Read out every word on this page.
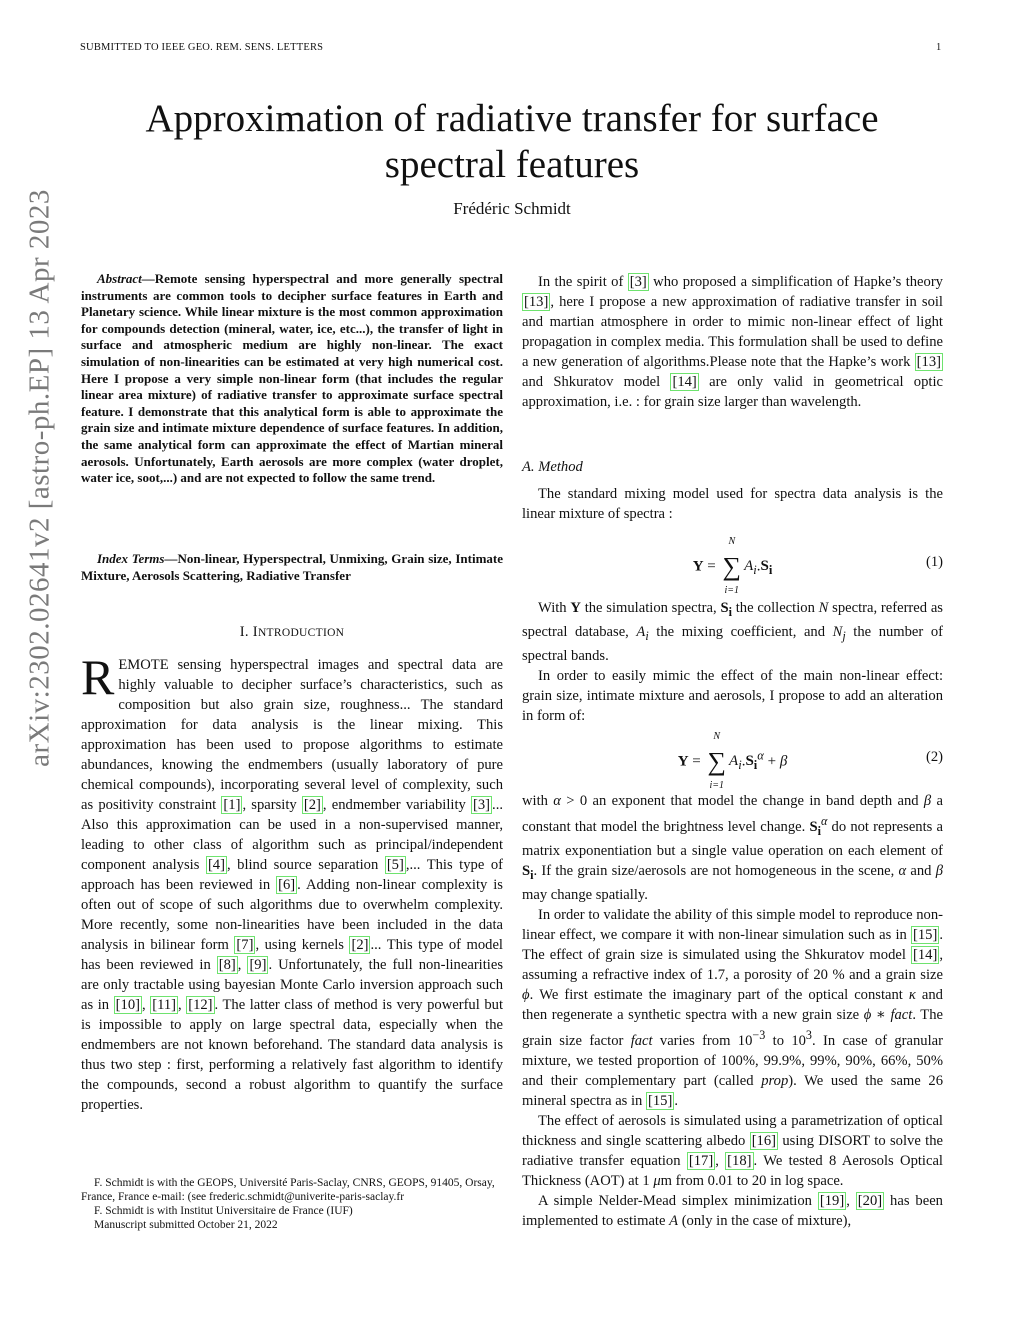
SUBMITTED TO IEEE GEO. REM. SENS. LETTERS	1
Approximation of radiative transfer for surface spectral features
Frédéric Schmidt
arXiv:2302.02641v2 [astro-ph.EP] 13 Apr 2023	Abstract—Remote sensing hyperspectral and more generally spectral instruments are common tools to decipher surface features in Earth and Planetary science. While linear mixture is the most common approximation for compounds detection (mineral, water, ice, etc...), the transfer of light in surface and atmospheric medium are highly non-linear. The exact simulation of non-linearities can be estimated at very high numerical cost. Here I propose a very simple non-linear form (that includes the regular linear area mixture) of radiative transfer to approximate surface spectral feature. I demonstrate that this analytical form is able to approximate the grain size and intimate mixture dependence of surface features. In addition, the same analytical form can approximate the effect of Martian mineral aerosols. Unfortunately, Earth aerosols are more complex (water droplet, water ice, soot,...) and are not expected to follow the same trend.

Index Terms—Non-linear, Hyperspectral, Unmixing, Grain size, Intimate Mixture, Aerosols Scattering, Radiative Transfer

I. INTRODUCTION

REMOTE sensing hyperspectral images and spectral data are highly valuable to decipher surface’s characteristics, such as composition but also grain size, roughness... The standard approximation for data analysis is the linear mixing. This approximation has been used to propose algorithms to estimate abundances, knowing the endmembers (usually laboratory of pure chemical compounds), incorporating several level of complexity, such as positivity constraint [1] , sparsity [2] , endmember variability [3] ... Also this approximation can be used in a non-supervised manner, leading to other class of algorithm such as principal/independent component analysis [4] , blind source separation [5] ,... This type of approach has been reviewed in [6] . Adding non-linear complexity is often out of scope of such algorithms due to overwhelm complexity. More recently, some non-linearities have been included in the data analysis in bilinear form [7] , using kernels [2] ... This type of model has been reviewed in [8] , [9] . Unfortunately, the full non-linearities are only tractable using bayesian Monte Carlo inversion approach such as in [10] , [11] , [12] . The latter class of method is very powerful but is impossible to apply on large spectral data, especially when the endmembers are not known beforehand. The standard data analysis is thus two step : first, performing a relatively fast algorithm to identify the compounds, second a robust algorithm to quantify the surface properties.

F. Schmidt is with the GEOPS, Université Paris-Saclay, CNRS, GEOPS, 91405, Orsay, France, France e-mail: (see frederic.schmidt@univerite-paris-saclay.fr

F. Schmidt is with Institut Universitaire de France (IUF)

Manuscript submitted October 21, 2022

In the spirit of [3] who proposed a simplification of Hapke’s theory [13] , here I propose a new approximation of radiative transfer in soil and martian atmosphere in order to mimic non-linear effect of light propagation in complex media. This formulation shall be used to define a new generation of algorithms.Please note that the Hapke’s work [13] and Shkuratov model [14] are only valid in geometrical optic approximation, i.e. : for grain size larger than wavelength.

A. Method

The standard mixing model used for spectra data analysis is the linear mixture of spectra :

Y = ∑
N
i=1
$A_i.S_i$
(1)

With Y the simulation spectra, $S_i$ the collection N spectra, referred as spectral database, $A_i$ the mixing coefficient, and $N_j$ the number of spectral bands.

In order to easily mimic the effect of the main non-linear effect: grain size, intimate mixture and aerosols, I propose to add an alteration in form of:

Y = ∑
N
i=1
$A_i.S_i^\alpha + \beta$	(2)

with α > 0 an exponent that model the change in band depth and β a constant that model the brightness level change. $S_i^\alpha$ do not represents a matrix exponentiation but a single value operation on each element of $S_i$. If the grain size/aerosols are not homogeneous in the scene, α and β may change spatially.

In order to validate the ability of this simple model to reproduce non-linear effect, we compare it with non-linear simulation such as in [15] . The effect of grain size is simulated using the Shkuratov model [14] , assuming a refractive index of 1.7, a porosity of 20 % and a grain size ϕ. We first estimate the imaginary part of the optical constant κ and then regenerate a synthetic spectra with a new grain size ϕ ∗ fact. The grain size factor fact varies from $10^{-3}$ to $10^3$. In case of granular mixture, we tested proportion of 100%, 99.9%, 99%, 90%, 66%, 50% and their complementary part (called prop). We used the same 26 mineral spectra as in [15] .

The effect of aerosols is simulated using a parametrization of optical thickness and single scattering albedo [16] using DISORT to solve the radiative transfer equation [17] , [18] . We tested 8 Aerosols Optical Thickness (AOT) at 1 μm from 0.01 to 20 in log space.

A simple Nelder-Mead simplex minimization [19] , [20] has been implemented to estimate A (only in the case of mixture),
